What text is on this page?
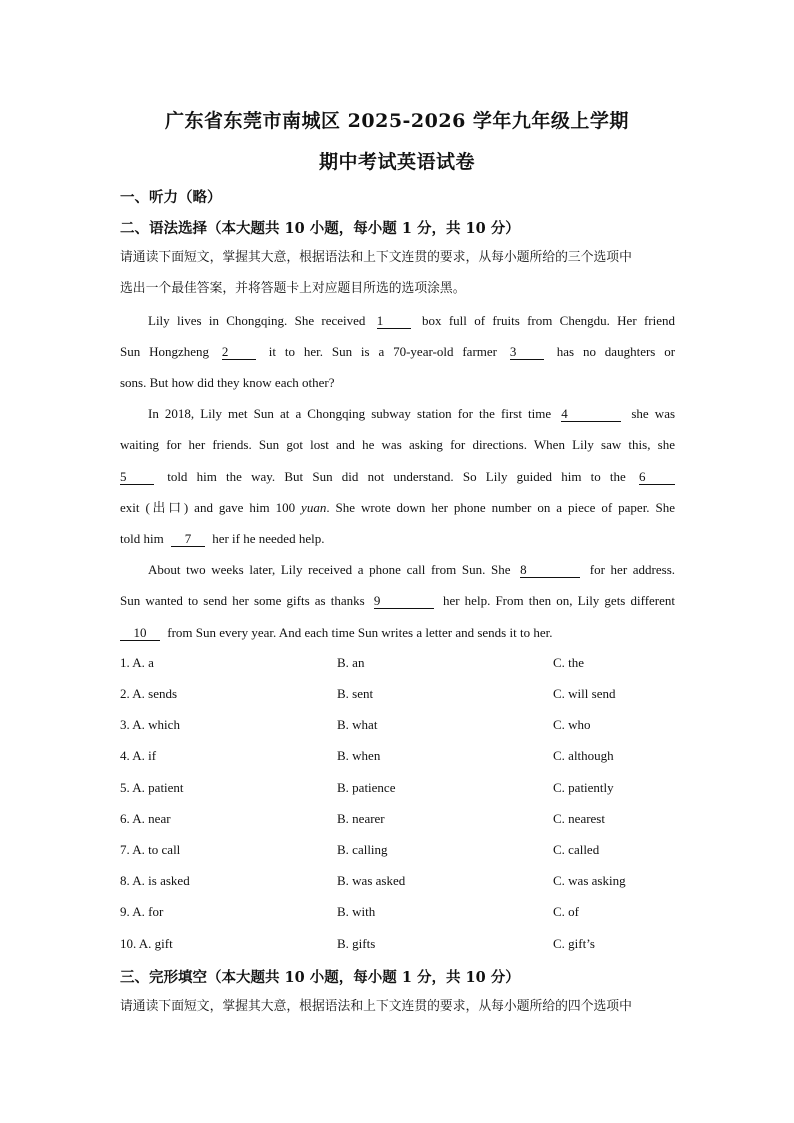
广东省东莞市南城区 2025-2026 学年九年级上学期
期中考试英语试卷
一、听力（略）
二、语法选择（本大题共 10 小题，每小题 1 分，共 10 分）
请通读下面短文，掌握其大意，根据语法和上下文连贯的要求，从每小题所给的三个选项中
选出一个最佳答案，并将答题卡上对应题目所选的选项涂黑。
Lily lives in Chongqing. She received 1	box full of fruits from Chengdu. Her friend
Sun Hongzheng 2	it to her. Sun is a 70-year-old farmer 3	has no daughters or
sons. But how did they know each other?
In 2018, Lily met Sun at a Chongqing subway station for the first time 4	she was
waiting for her friends. Sun got lost and he was asking for directions. When Lily saw this, she
5	told him the way. But Sun did not understand. So Lily guided him to the 6
exit (出口) and gave him 100 yuan. She wrote down her phone number on a piece of paper. She
told him 7 her if he needed help.
About two weeks later, Lily received a phone call from Sun. She 8	for her address.
Sun wanted to send her some gifts as thanks 9	her help. From then on, Lily gets different
10 from Sun every year. And each time Sun writes a letter and sends it to her.
1. A. a	B. an	C. the
2. A. sends	B. sent	C. will send
3. A. which	B. what	C. who
4. A. if	B. when	C. although
5. A. patient	B. patience	C. patiently
6. A. near	B. nearer	C. nearest
7. A. to call	B. calling	C. called
8. A. is asked	B. was asked	C. was asking
9. A. for	B. with	C. of
10. A. gift	B. gifts	C. gift’s
三、完形填空（本大题共 10 小题，每小题 1 分，共 10 分）
请通读下面短文，掌握其大意，根据语法和上下文连贯的要求，从每小题所给的四个选项中
